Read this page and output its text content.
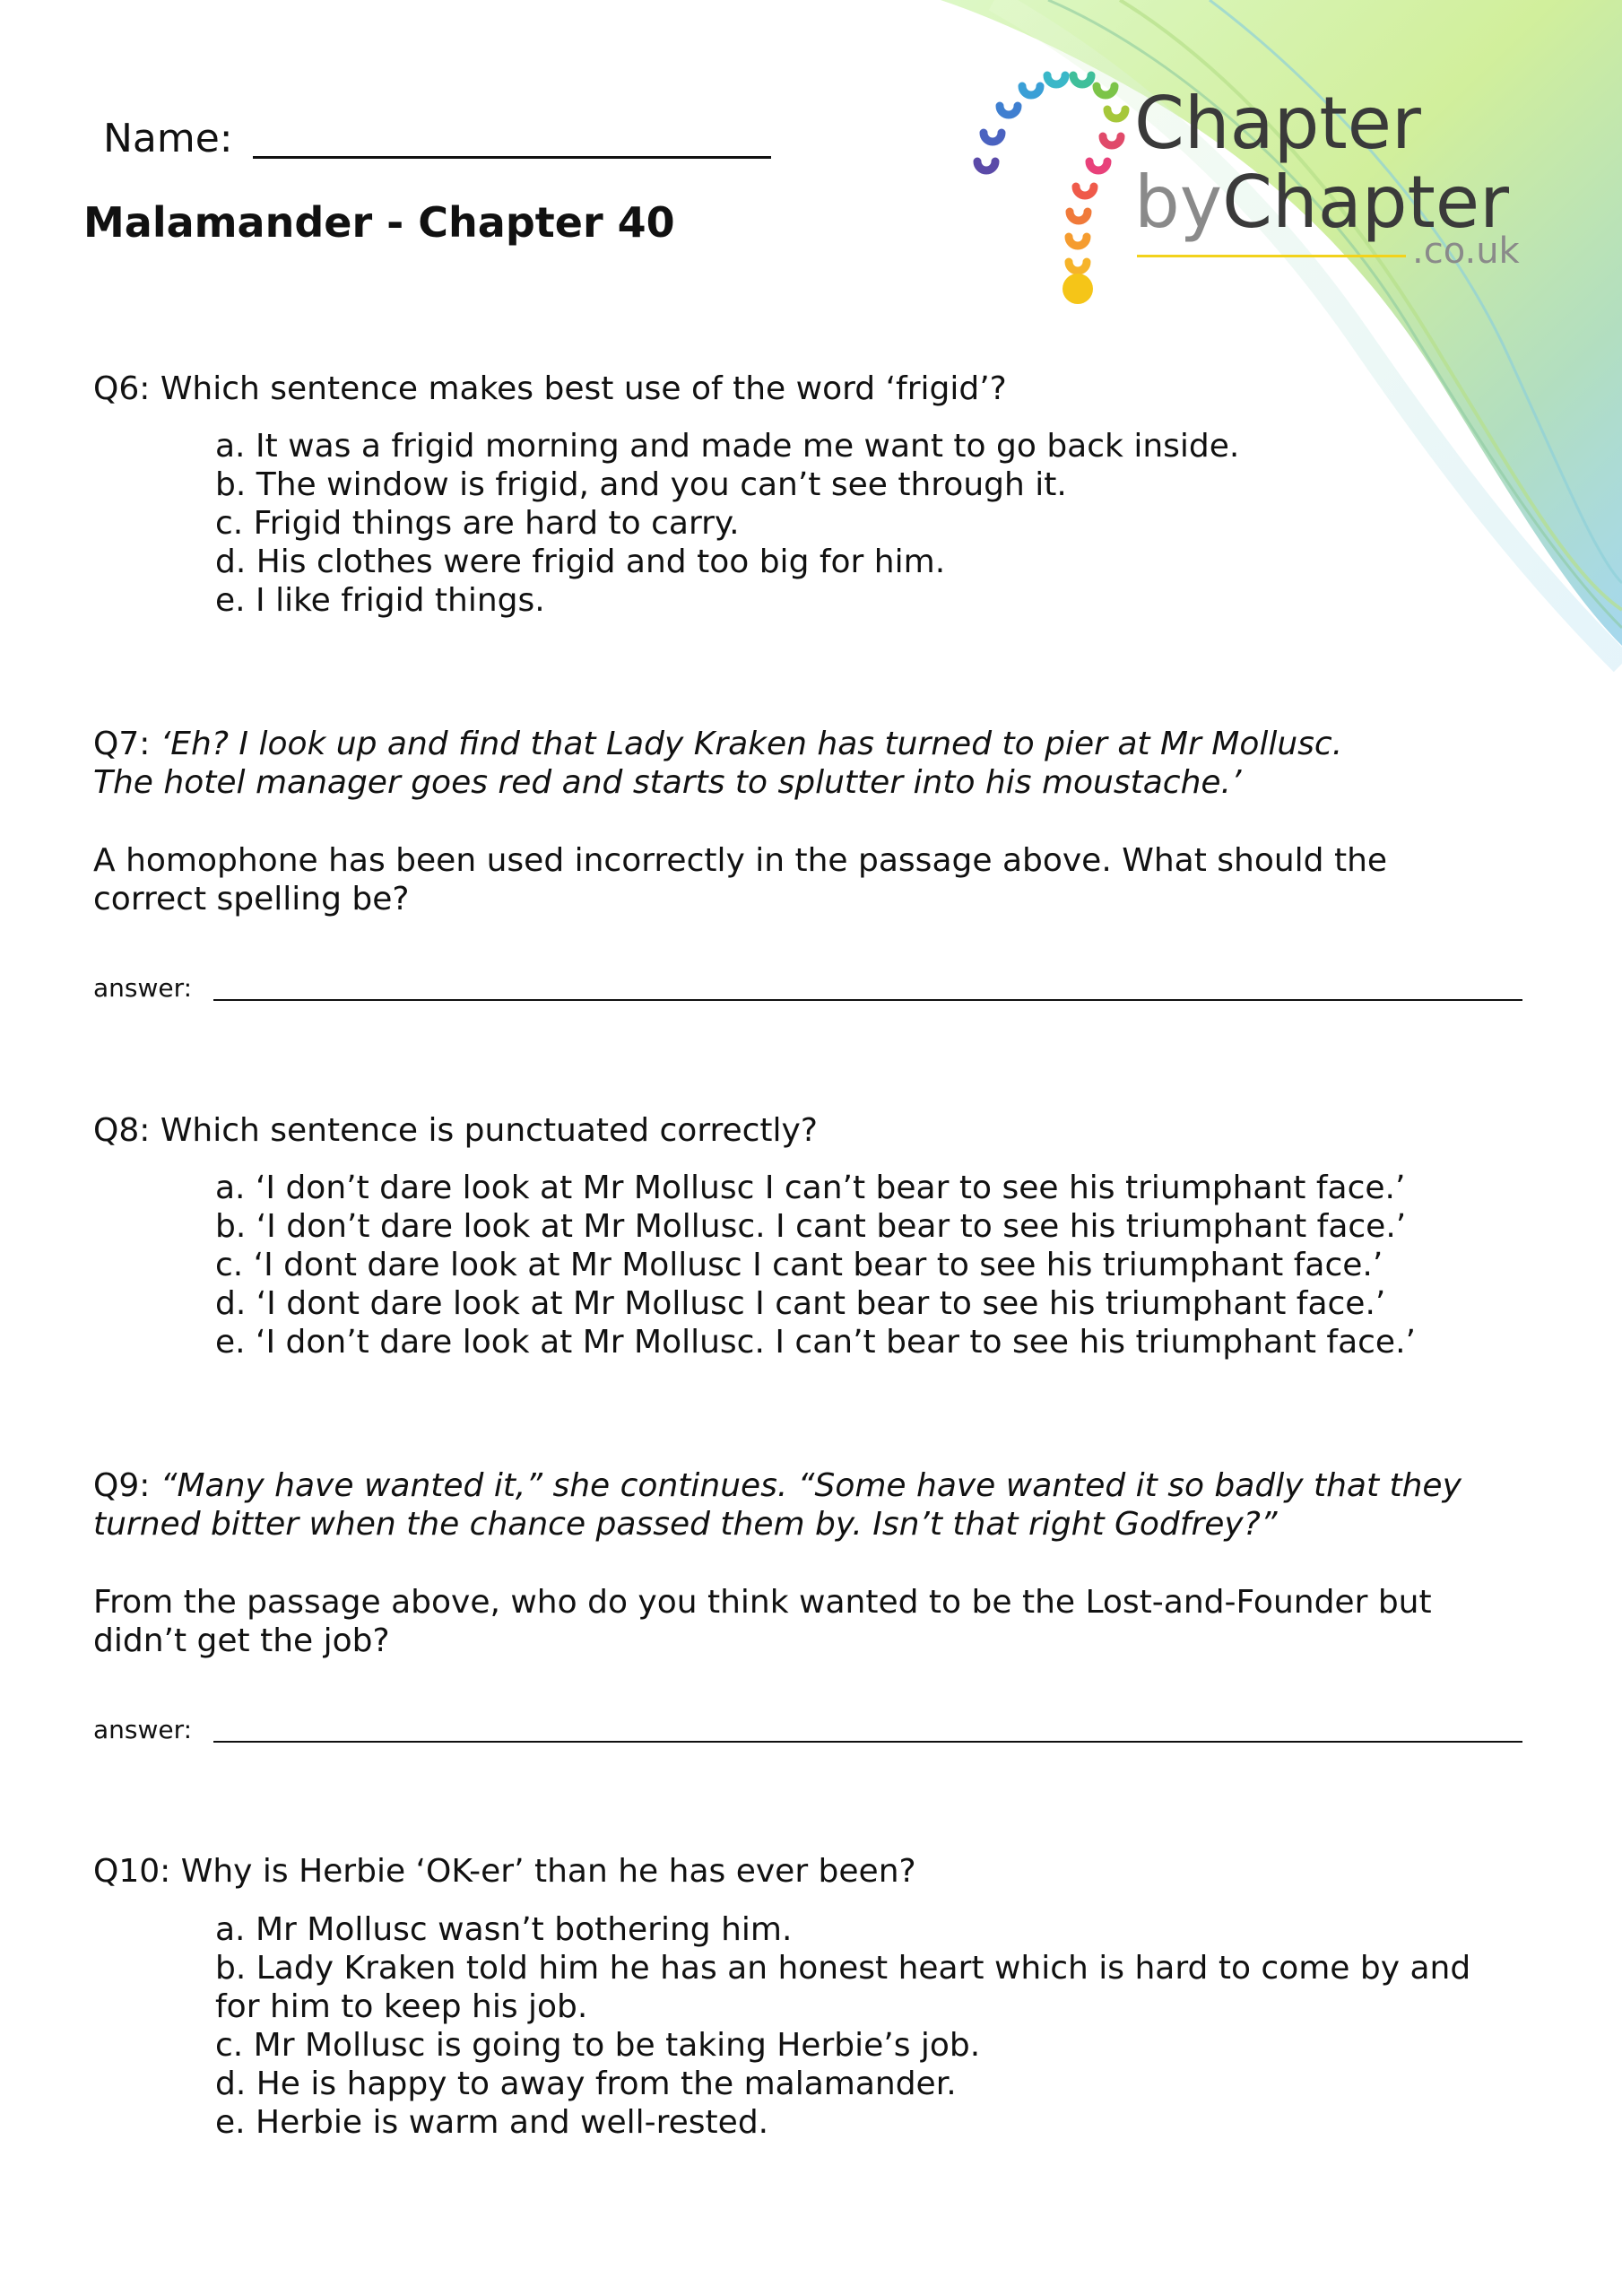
Chapter
byChapter
.co.uk
Name:
Malamander - Chapter 40

Q6: Which sentence makes best use of the word ‘frigid’?

a. It was a frigid morning and made me want to go back inside.
b. The window is frigid, and you can’t see through it.
c. Frigid things are hard to carry.
d. His clothes were frigid and too big for him.
e. I like frigid things.

Q7: ‘Eh? I look up and find that Lady Kraken has turned to pier at Mr Mollusc.
The hotel manager goes red and starts to splutter into his moustache.’

A homophone has been used incorrectly in the passage above. What should the
correct spelling be?

answer:

Q8: Which sentence is punctuated correctly?

a. ‘I don’t dare look at Mr Mollusc I can’t bear to see his triumphant face.’
b. ‘I don’t dare look at Mr Mollusc. I cant bear to see his triumphant face.’
c. ‘I dont dare look at Mr Mollusc I cant bear to see his triumphant face.’
d. ‘I dont dare look at Mr Mollusc I cant bear to see his triumphant face.’
e. ‘I don’t dare look at Mr Mollusc. I can’t bear to see his triumphant face.’

Q9: “Many have wanted it,” she continues. “Some have wanted it so badly that they
turned bitter when the chance passed them by. Isn’t that right Godfrey?”

From the passage above, who do you think wanted to be the Lost-and-Founder but
didn’t get the job?

answer:

Q10: Why is Herbie ‘OK-er’ than he has ever been?

a. Mr Mollusc wasn’t bothering him.
b. Lady Kraken told him he has an honest heart which is hard to come by and
for him to keep his job.
c. Mr Mollusc is going to be taking Herbie’s job.
d. He is happy to away from the malamander.
e. Herbie is warm and well-rested.
